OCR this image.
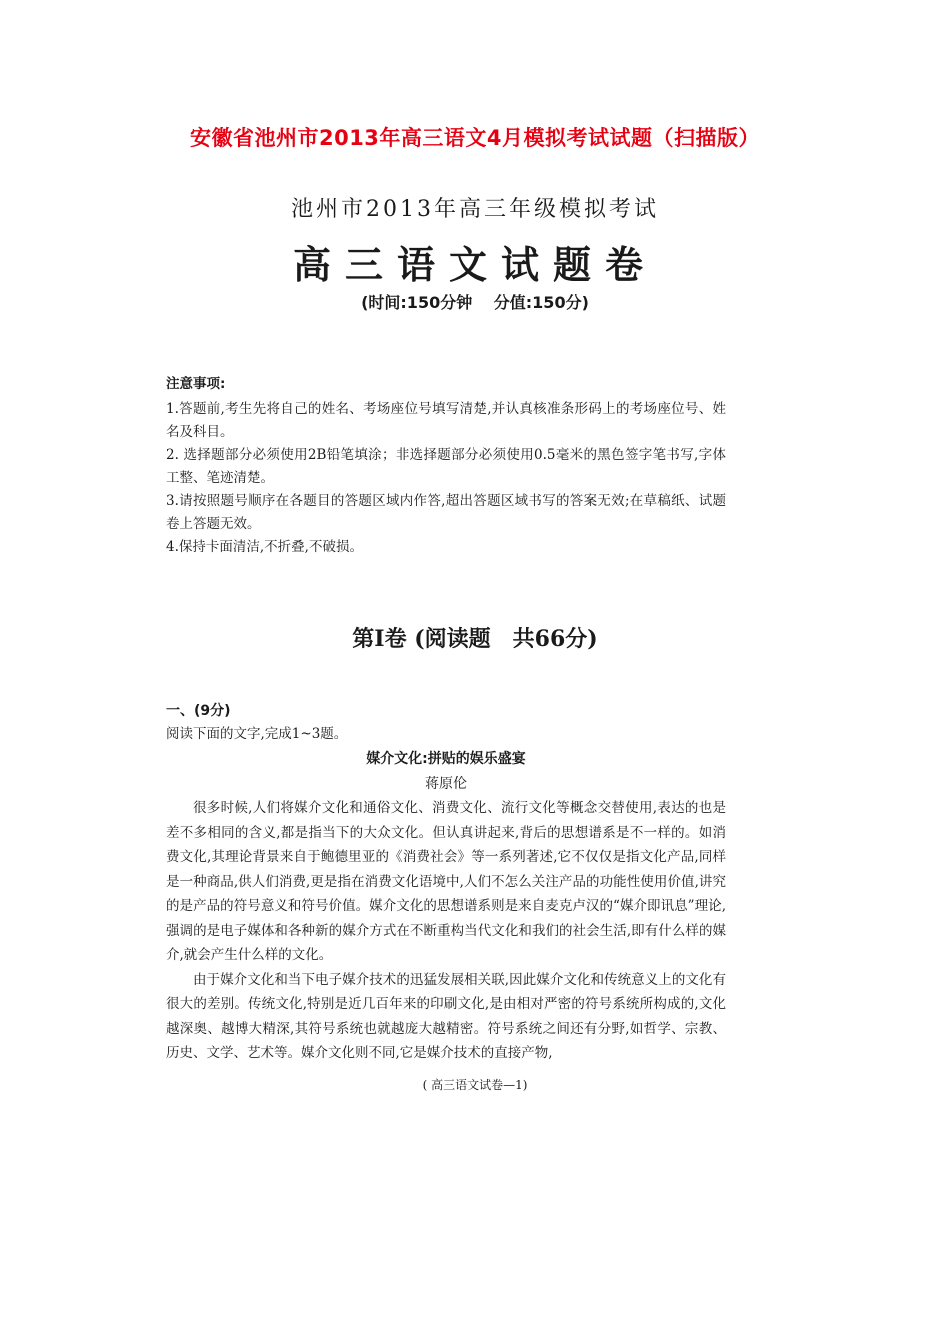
安徽省池州市2013年高三语文4月模拟考试试题（扫描版）
池州市2013年高三年级模拟考试
高三语文试题卷
(时间:150分钟　 分值:150分)
注意事项:
1.答题前,考生先将自己的姓名、考场座位号填写清楚,并认真核准条形码上的考场座位号、姓名及科目。
2. 选择题部分必须使用2B铅笔填涂；非选择题部分必须使用0.5毫米的黑色签字笔书写,字体工整、笔迹清楚。
3.请按照题号顺序在各题目的答题区域内作答,超出答题区域书写的答案无效;在草稿纸、试题卷上答题无效。
4.保持卡面清洁,不折叠,不破损。
第I卷 (阅读题　共66分)
一、(9分)
阅读下面的文字,完成1~3题。
媒介文化:拼贴的娱乐盛宴
蒋原伦

很多时候,人们将媒介文化和通俗文化、消费文化、流行文化等概念交替使用,表达的也是差不多相同的含义,都是指当下的大众文化。但认真讲起来,背后的思想谱系是不一样的。如消费文化,其理论背景来自于鲍德里亚的《消费社会》等一系列著述,它不仅仅是指文化产品,同样是一种商品,供人们消费,更是指在消费文化语境中,人们不怎么关注产品的功能性使用价值,讲究的是产品的符号意义和符号价值。媒介文化的思想谱系则是来自麦克卢汉的“媒介即讯息”理论,强调的是电子媒体和各种新的媒介方式在不断重构当代文化和我们的社会生活,即有什么样的媒介,就会产生什么样的文化。

由于媒介文化和当下电子媒介技术的迅猛发展相关联,因此媒介文化和传统意义上的文化有很大的差别。传统文化,特别是近几百年来的印刷文化,是由相对严密的符号系统所构成的,文化越深奥、越博大精深,其符号系统也就越庞大越精密。符号系统之间还有分野,如哲学、宗教、历史、文学、艺术等。媒介文化则不同,它是媒介技术的直接产物,

( 高三语文试卷—1)
